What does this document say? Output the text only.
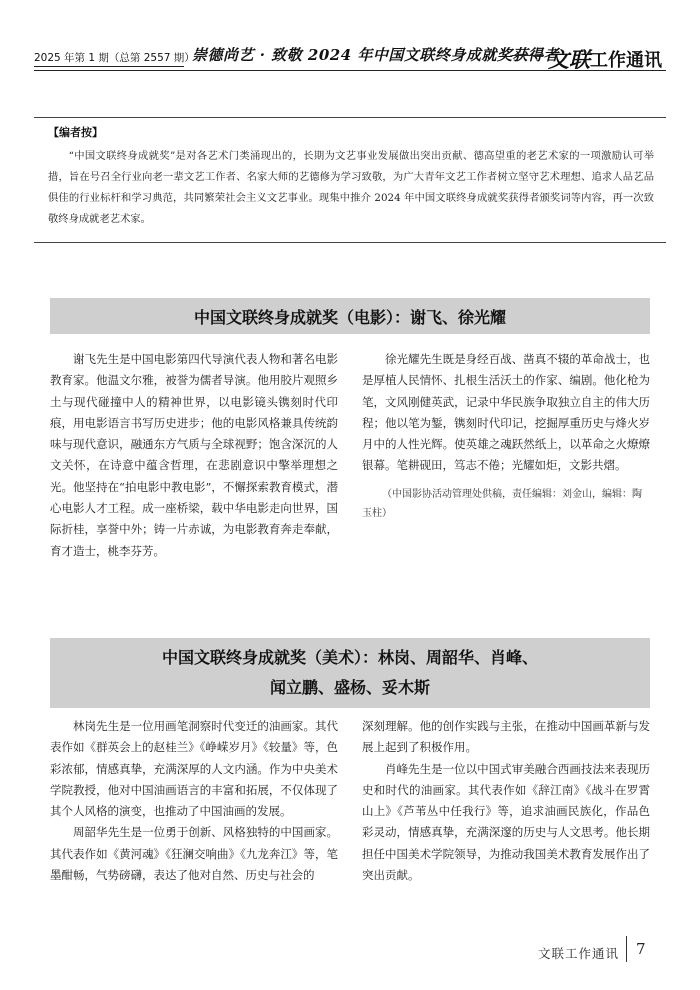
2025 年第 1 期（总第 2557 期）
崇德尚艺 · 致敬 2024 年中国文联终身成就奖获得者
文联 工作通讯
【编者按】
“中国文联终身成就奖”是对各艺术门类涌现出的，长期为文艺事业发展做出突出贡献、德高望重的老艺术家的一项激励认可举措，旨在号召全行业向老一辈文艺工作者、名家大师的艺德修为学习致敬，为广大青年文艺工作者树立坚守艺术理想、追求人品艺品俱佳的行业标杆和学习典范，共同繁荣社会主义文艺事业。现集中推介 2024 年中国文联终身成就奖获得者颁奖词等内容，再一次致敬终身成就老艺术家。
中国文联终身成就奖（电影）：谢飞、徐光耀

谢飞先生是中国电影第四代导演代表人物和著名电影教育家。他温文尔雅，被誉为儒者导演。他用胶片观照乡土与现代碰撞中人的精神世界，以电影镜头镌刻时代印痕，用电影语言书写历史进步；他的电影风格兼具传统韵味与现代意识，融通东方气质与全球视野；饱含深沉的人文关怀，在诗意中蕴含哲理，在悲剧意识中擎举理想之光。他坚持在“拍电影中教电影”，不懈探索教育模式，潜心电影人才工程。成一座桥梁，载中华电影走向世界，国际折桂，享誉中外；铸一片赤诚，为电影教育奔走奉献，育才造士，桃李芬芳。

徐光耀先生既是身经百战、凿真不辍的革命战士，也是厚植人民情怀、扎根生活沃土的作家、编剧。他化枪为笔，文风刚健英武，记录中华民族争取独立自主的伟大历程；他以笔为錾，镌刻时代印记，挖掘厚重历史与烽火岁月中的人性光辉。使英雄之魂跃然纸上，以革命之火燎燎银幕。笔耕砚田，笃志不倦；光耀如炬，文影共熠。

（中国影协活动管理处供稿，责任编辑：刘金山，编辑：陶玉柱）

中国文联终身成就奖（美术）：林岗、周韶华、肖峰、
闻立鹏、盛杨、妥木斯

林岗先生是一位用画笔洞察时代变迁的油画家。其代表作如《群英会上的赵桂兰》《峥嵘岁月》《较量》等，色彩浓郁，情感真挚，充满深厚的人文内涵。作为中央美术学院教授，他对中国油画语言的丰富和拓展，不仅体现了其个人风格的演变，也推动了中国油画的发展。

周韶华先生是一位勇于创新、风格独特的中国画家。其代表作如《黄河魂》《狂澜交响曲》《九龙奔江》等，笔墨酣畅，气势磅礴，表达了他对自然、历史与社会的

深刻理解。他的创作实践与主张，在推动中国画革新与发展上起到了积极作用。

肖峰先生是一位以中国式审美融合西画技法来表现历史和时代的油画家。其代表作如《辞江南》《战斗在罗霄山上》《芦苇丛中任我行》等，追求油画民族化，作品色彩灵动，情感真挚，充满深邃的历史与人文思考。他长期担任中国美术学院领导，为推动我国美术教育发展作出了突出贡献。

文联工作通讯 7
